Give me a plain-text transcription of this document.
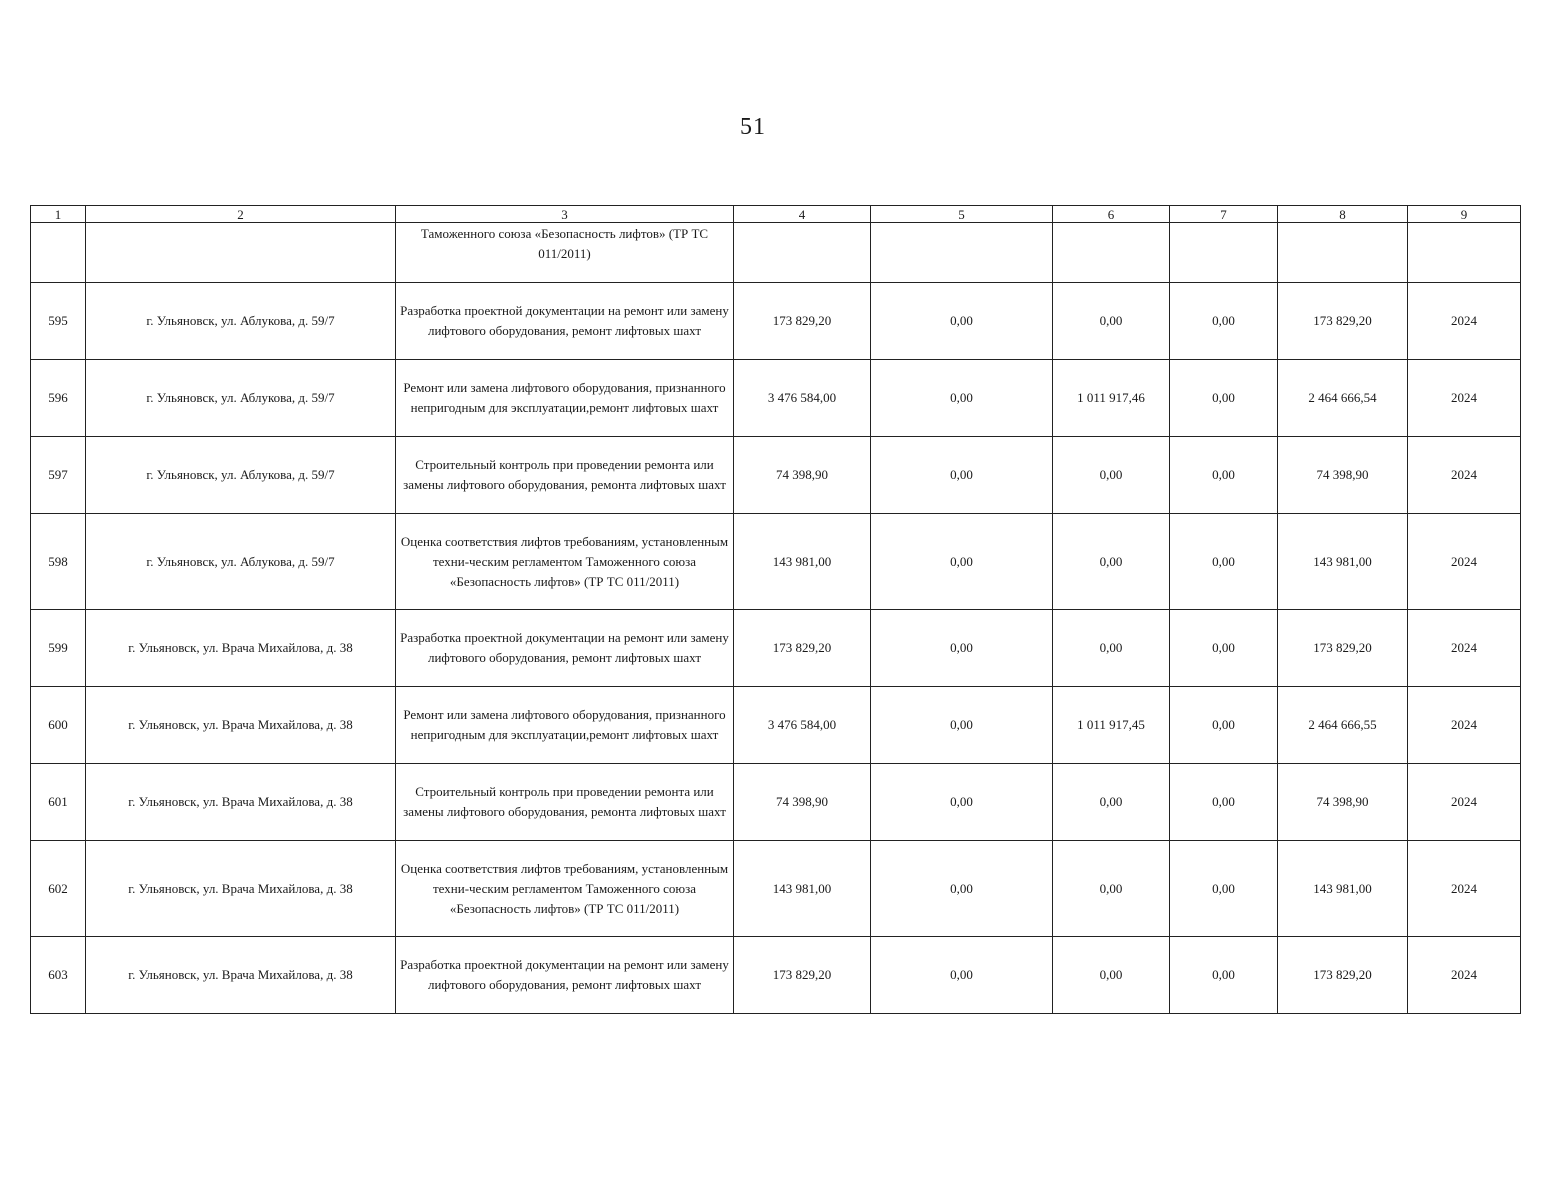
51
1	2	3	4	5	6	7	8	9
		Таможенного союза «Безопасность лифтов» (ТР ТС 011/2011)						
595	г. Ульяновск, ул. Аблукова, д. 59/7	Разработка проектной документации на ремонт или замену лифтового оборудования, ремонт лифтовых шахт	173 829,20	0,00	0,00	0,00	173 829,20	2024
596	г. Ульяновск, ул. Аблукова, д. 59/7	Ремонт или замена лифтового оборудования, признанного непригодным для эксплуатации,ремонт лифтовых шахт	3 476 584,00	0,00	1 011 917,46	0,00	2 464 666,54	2024
597	г. Ульяновск, ул. Аблукова, д. 59/7	Строительный контроль при проведении ремонта или замены лифтового оборудования, ремонта лифтовых шахт	74 398,90	0,00	0,00	0,00	74 398,90	2024
598	г. Ульяновск, ул. Аблукова, д. 59/7	Оценка соответствия лифтов требованиям, установленным техни-ческим регламентом Таможенного союза «Безопасность лифтов» (ТР ТС 011/2011)	143 981,00	0,00	0,00	0,00	143 981,00	2024
599	г. Ульяновск, ул. Врача Михайлова, д. 38	Разработка проектной документации на ремонт или замену лифтового оборудования, ремонт лифтовых шахт	173 829,20	0,00	0,00	0,00	173 829,20	2024
600	г. Ульяновск, ул. Врача Михайлова, д. 38	Ремонт или замена лифтового оборудования, признанного непригодным для эксплуатации,ремонт лифтовых шахт	3 476 584,00	0,00	1 011 917,45	0,00	2 464 666,55	2024
601	г. Ульяновск, ул. Врача Михайлова, д. 38	Строительный контроль при проведении ремонта или замены лифтового оборудования, ремонта лифтовых шахт	74 398,90	0,00	0,00	0,00	74 398,90	2024
602	г. Ульяновск, ул. Врача Михайлова, д. 38	Оценка соответствия лифтов требованиям, установленным техни-ческим регламентом Таможенного союза «Безопасность лифтов» (ТР ТС 011/2011)	143 981,00	0,00	0,00	0,00	143 981,00	2024
603	г. Ульяновск, ул. Врача Михайлова, д. 38	Разработка проектной документации на ремонт или замену лифтового оборудования, ремонт лифтовых шахт	173 829,20	0,00	0,00	0,00	173 829,20	2024
